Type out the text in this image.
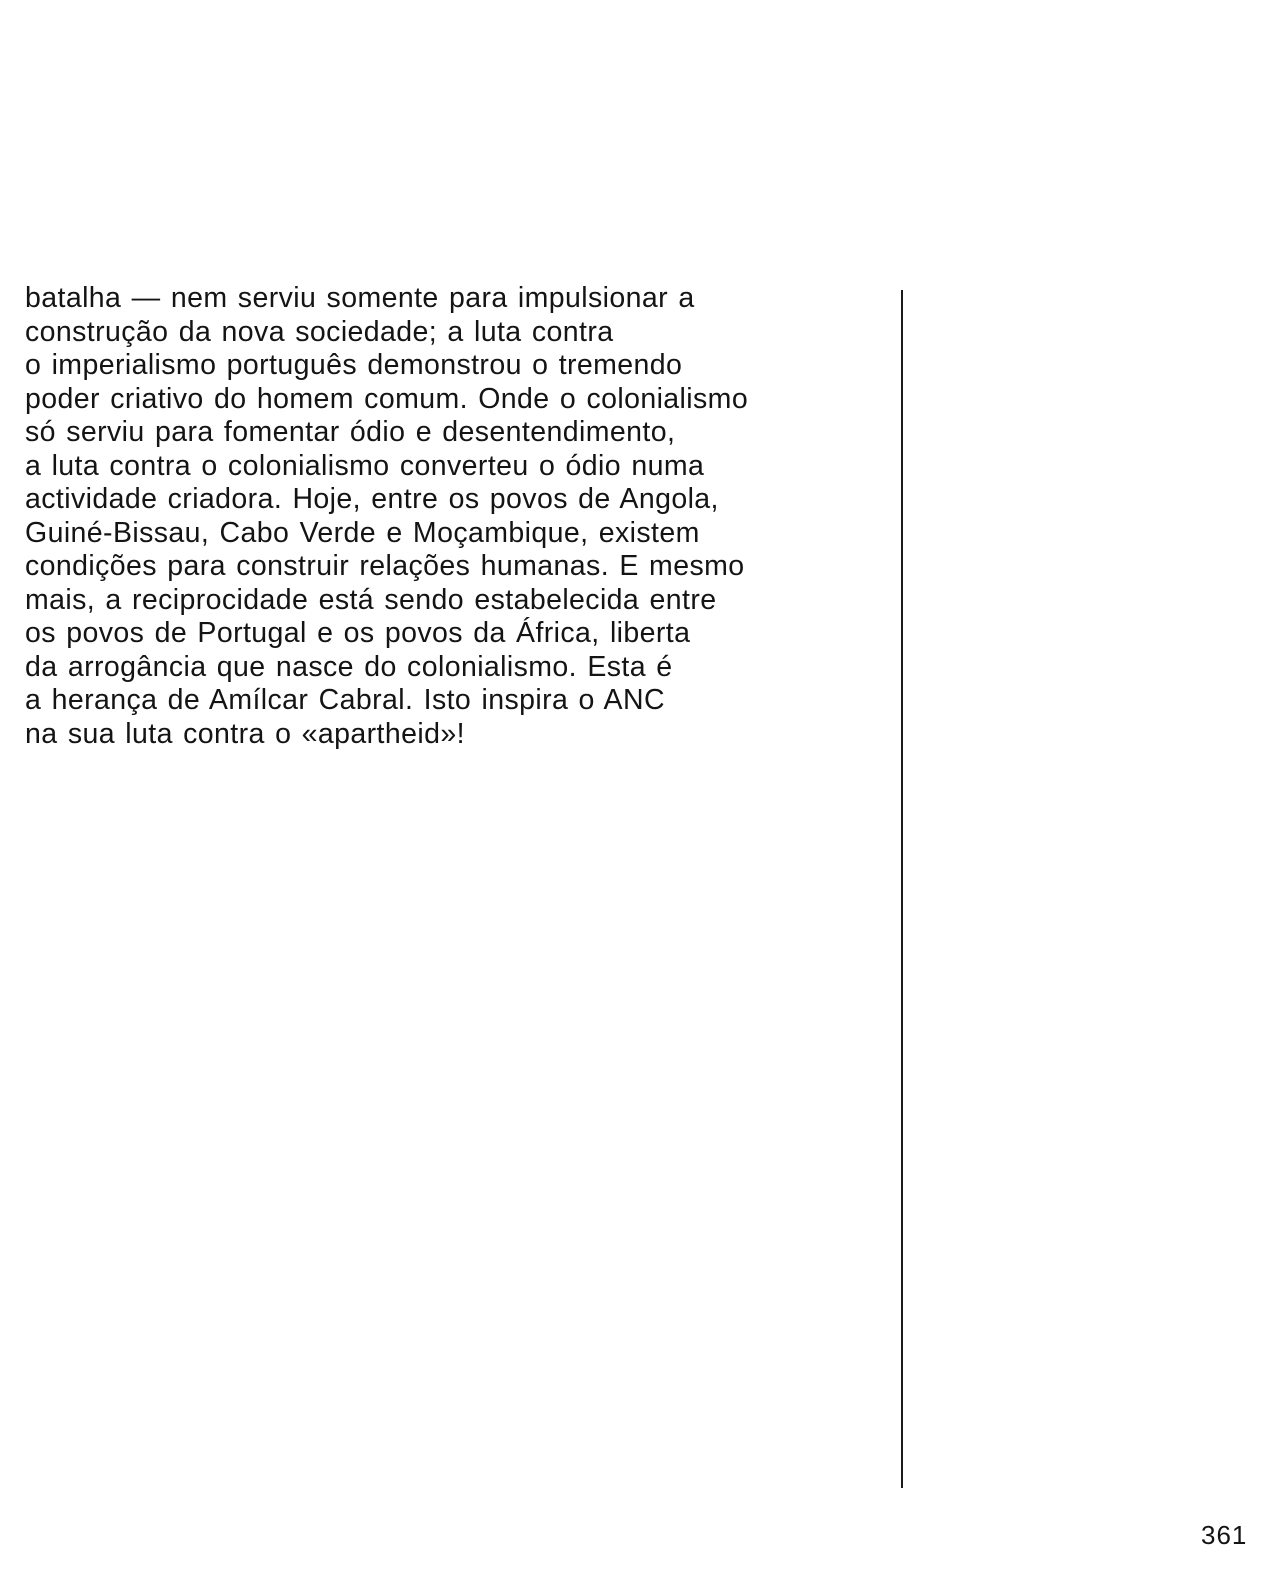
batalha — nem serviu somente para impulsionar a
construção da nova sociedade; a luta contra
o imperialismo português demonstrou o tremendo
poder criativo do homem comum. Onde o colonialismo
só serviu para fomentar ódio e desentendimento,
a luta contra o colonialismo converteu o ódio numa
actividade criadora. Hoje, entre os povos de Angola,
Guiné-Bissau, Cabo Verde e Moçambique, existem
condições para construir relações humanas. E mesmo
mais, a reciprocidade está sendo estabelecida entre
os povos de Portugal e os povos da África, liberta
da arrogância que nasce do colonialismo. Esta é
a herança de Amílcar Cabral. Isto inspira o ANC
na sua luta contra o «apartheid»!
361
